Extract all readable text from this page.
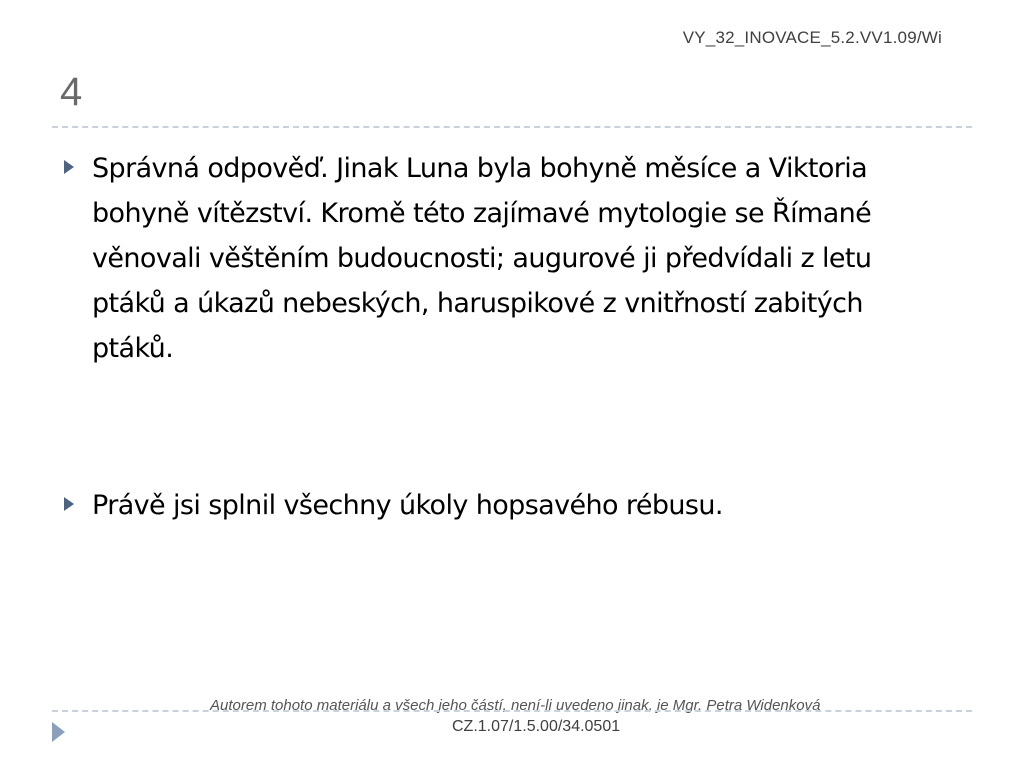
VY_32_INOVACE_5.2.VV1.09/Wi
4
Správná odpověď. Jinak Luna byla bohyně měsíce a Viktoria bohyně vítězství. Kromě této zajímavé mytologie se Římané věnovali věštěním budoucnosti; augurové ji předvídali z letu ptáků a úkazů nebeských, haruspikové z vnitřností zabitých ptáků.
Právě jsi splnil všechny úkoly hopsavého rébusu.
Autorem tohoto materiálu a všech jeho částí, není-li uvedeno jinak, je Mgr. Petra Widenková
CZ.1.07/1.5.00/34.0501
